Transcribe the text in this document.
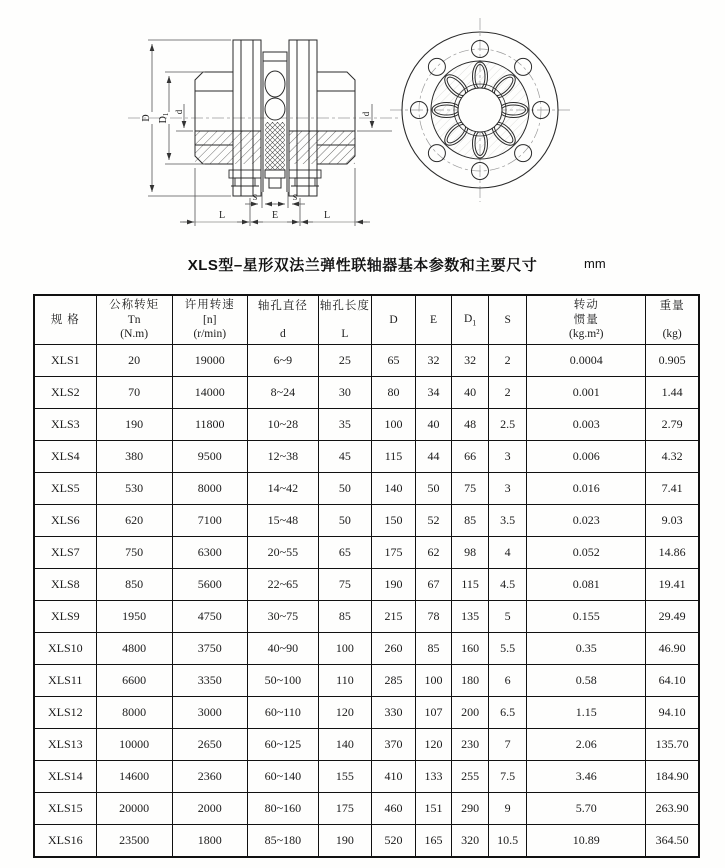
D $D_1$
d	d
S	S
L	E	L
XLS型–星形双法兰弹性联轴器基本参数和主要尺寸	mm
规 格

公称转矩
Tn
(N.m)

许用转速
[n]
(r/min)

轴孔直径
d

轴孔长度
L

D	E	$D_1$	S

转动
惯量
(kg.m²)

重量
(kg)

XLS1	20	19000	6~9	25	65	32	32	2	0.0004	0.905
XLS2	70	14000	8~24	30	80	34	40	2	0.001	1.44
XLS3	190	11800	10~28	35	100	40	48	2.5	0.003	2.79
XLS4	380	9500	12~38	45	115	44	66	3	0.006	4.32
XLS5	530	8000	14~42	50	140	50	75	3	0.016	7.41
XLS6	620	7100	15~48	50	150	52	85	3.5	0.023	9.03
XLS7	750	6300	20~55	65	175	62	98	4	0.052	14.86
XLS8	850	5600	22~65	75	190	67	115	4.5	0.081	19.41
XLS9	1950	4750	30~75	85	215	78	135	5	0.155	29.49
XLS10	4800	3750	40~90	100	260	85	160	5.5	0.35	46.90
XLS11	6600	3350	50~100	110	285	100	180	6	0.58	64.10
XLS12	8000	3000	60~110	120	330	107	200	6.5	1.15	94.10
XLS13	10000	2650	60~125	140	370	120	230	7	2.06	135.70
XLS14	14600	2360	60~140	155	410	133	255	7.5	3.46	184.90
XLS15	20000	2000	80~160	175	460	151	290	9	5.70	263.90
XLS16	23500	1800	85~180	190	520	165	320	10.5	10.89	364.50
